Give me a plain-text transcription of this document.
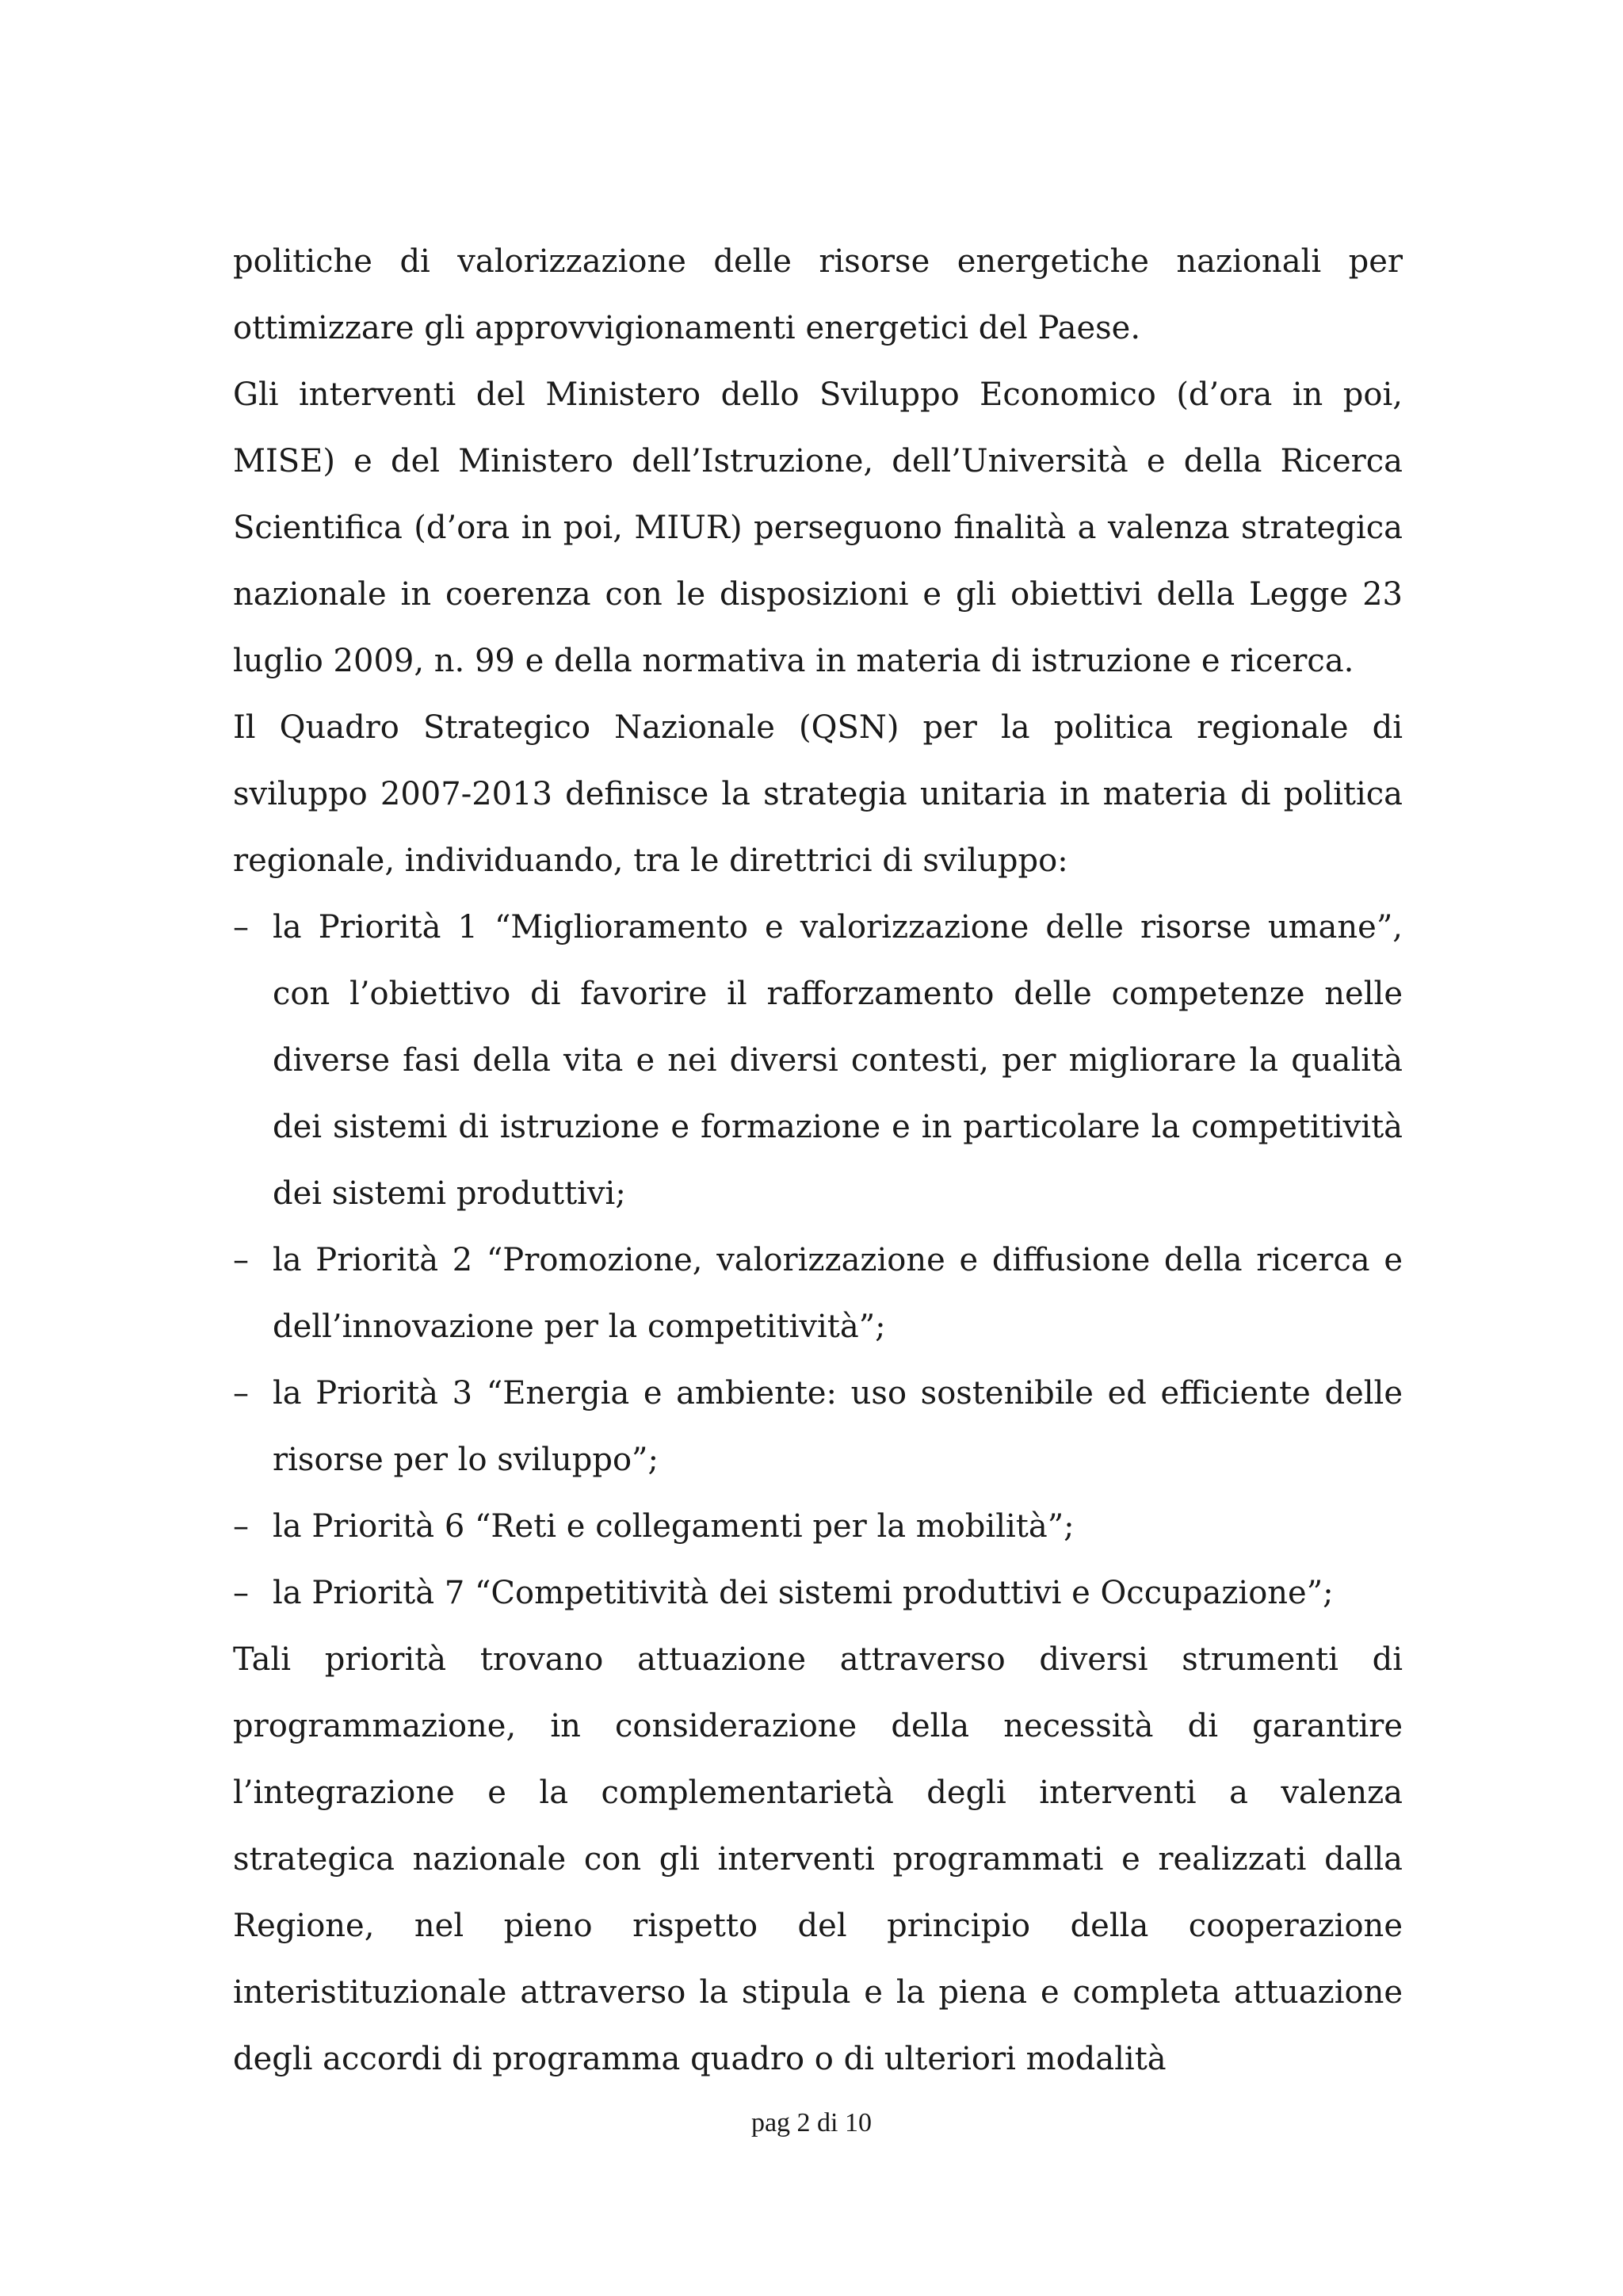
politiche di valorizzazione delle risorse energetiche nazionali per ottimizzare gli approvvigionamenti energetici del Paese.

Gli interventi del Ministero dello Sviluppo Economico (d’ora in poi, MISE) e del Ministero dell’Istruzione, dell’Università e della Ricerca Scientifica (d’ora in poi, MIUR) perseguono finalità a valenza strategica nazionale in coerenza con le disposizioni e gli obiettivi della Legge 23 luglio 2009, n. 99 e della normativa in materia di istruzione e ricerca.

Il Quadro Strategico Nazionale (QSN) per la politica regionale di sviluppo 2007-2013 definisce la strategia unitaria in materia di politica regionale, individuando, tra le direttrici di sviluppo:

– la Priorità 1 “Miglioramento e valorizzazione delle risorse umane”, con l’obiettivo di favorire il rafforzamento delle competenze nelle diverse fasi della vita e nei diversi contesti, per migliorare la qualità dei sistemi di istruzione e formazione e in particolare la competitività dei sistemi produttivi;
– la Priorità 2 “Promozione, valorizzazione e diffusione della ricerca e dell’innovazione per la competitività”;
– la Priorità 3 “Energia e ambiente: uso sostenibile ed efficiente delle risorse per lo sviluppo”;
– la Priorità 6 “Reti e collegamenti per la mobilità”;
– la Priorità 7 “Competitività dei sistemi produttivi e Occupazione”;

Tali priorità trovano attuazione attraverso diversi strumenti di programmazione, in considerazione della necessità di garantire l’integrazione e la complementarietà degli interventi a valenza strategica nazionale con gli interventi programmati e realizzati dalla Regione, nel pieno rispetto del principio della cooperazione interistituzionale attraverso la stipula e la piena e completa attuazione degli accordi di programma quadro o di ulteriori modalità

pag 2 di 10
